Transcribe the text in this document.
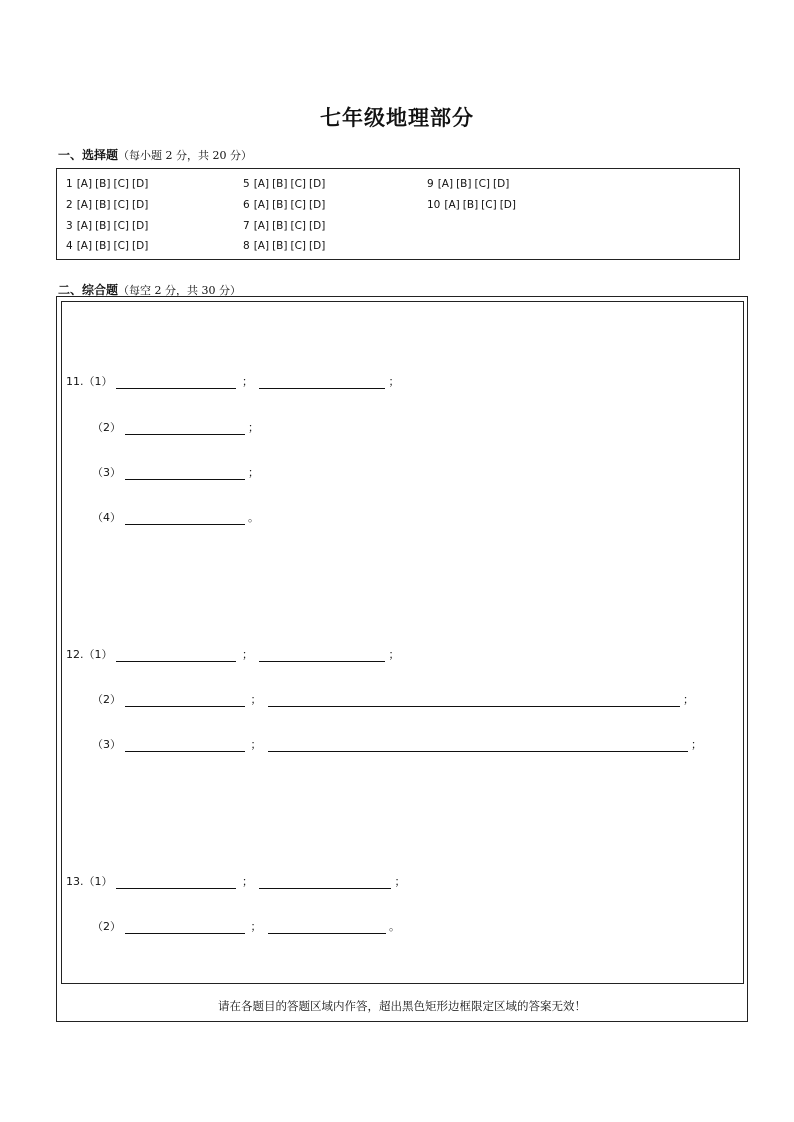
七年级地理部分
一、选择题（每小题 2 分，共 20 分）
1 [A] [B] [C] [D]
2 [A] [B] [C] [D]
3 [A] [B] [C] [D]
4 [A] [B] [C] [D]
5 [A] [B] [C] [D]
6 [A] [B] [C] [D]
7 [A] [B] [C] [D]
8 [A] [B] [C] [D]
9 [A] [B] [C] [D]
10 [A] [B] [C] [D]
二、综合题（每空 2 分，共 30 分）
11.（1）	；	；
（2）	；
（3）	；
（4）	。
12.（1）	；	；
（2）	；	；
（3）	；	；
13.（1）	；	；
（2）	；	。
请在各题目的答题区域内作答，超出黑色矩形边框限定区域的答案无效！
